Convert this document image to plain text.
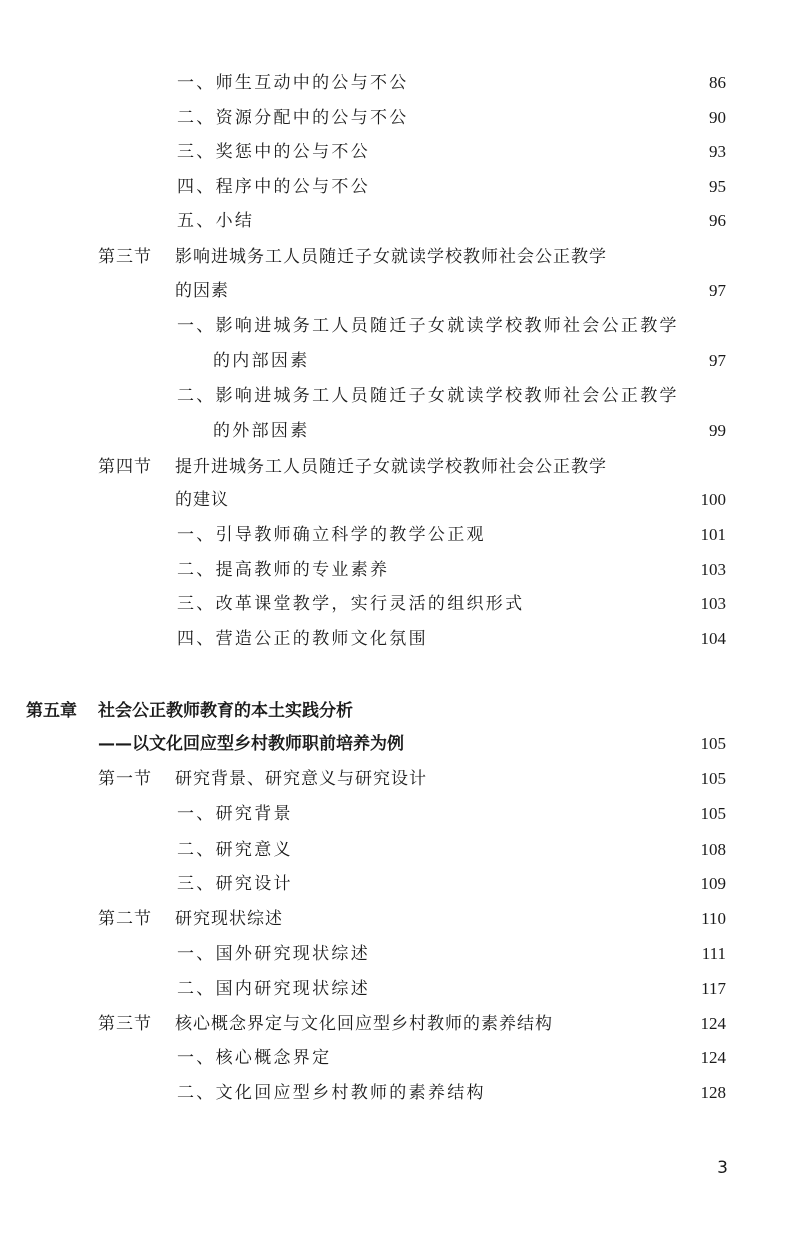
一、师生互动中的公与不公	86
二、资源分配中的公与不公	90
三、奖惩中的公与不公	93
四、程序中的公与不公	95
五、小结	96
第三节 影响进城务工人员随迁子女就读学校教师社会公正教学
的因素	97
一、影响进城务工人员随迁子女就读学校教师社会公正教学
的内部因素	97
二、影响进城务工人员随迁子女就读学校教师社会公正教学
的外部因素	99
第四节 提升进城务工人员随迁子女就读学校教师社会公正教学
的建议	100
一、引导教师确立科学的教学公正观	101
二、提高教师的专业素养	103
三、改革课堂教学，实行灵活的组织形式	103
四、营造公正的教师文化氛围	104
第五章 社会公正教师教育的本土实践分析
——以文化回应型乡村教师职前培养为例	105
第一节 研究背景、研究意义与研究设计	105
一、研究背景	105
二、研究意义	108
三、研究设计	109
第二节 研究现状综述	110
一、国外研究现状综述	111
二、国内研究现状综述	117
第三节 核心概念界定与文化回应型乡村教师的素养结构	124
一、核心概念界定	124
二、文化回应型乡村教师的素养结构	128
3
